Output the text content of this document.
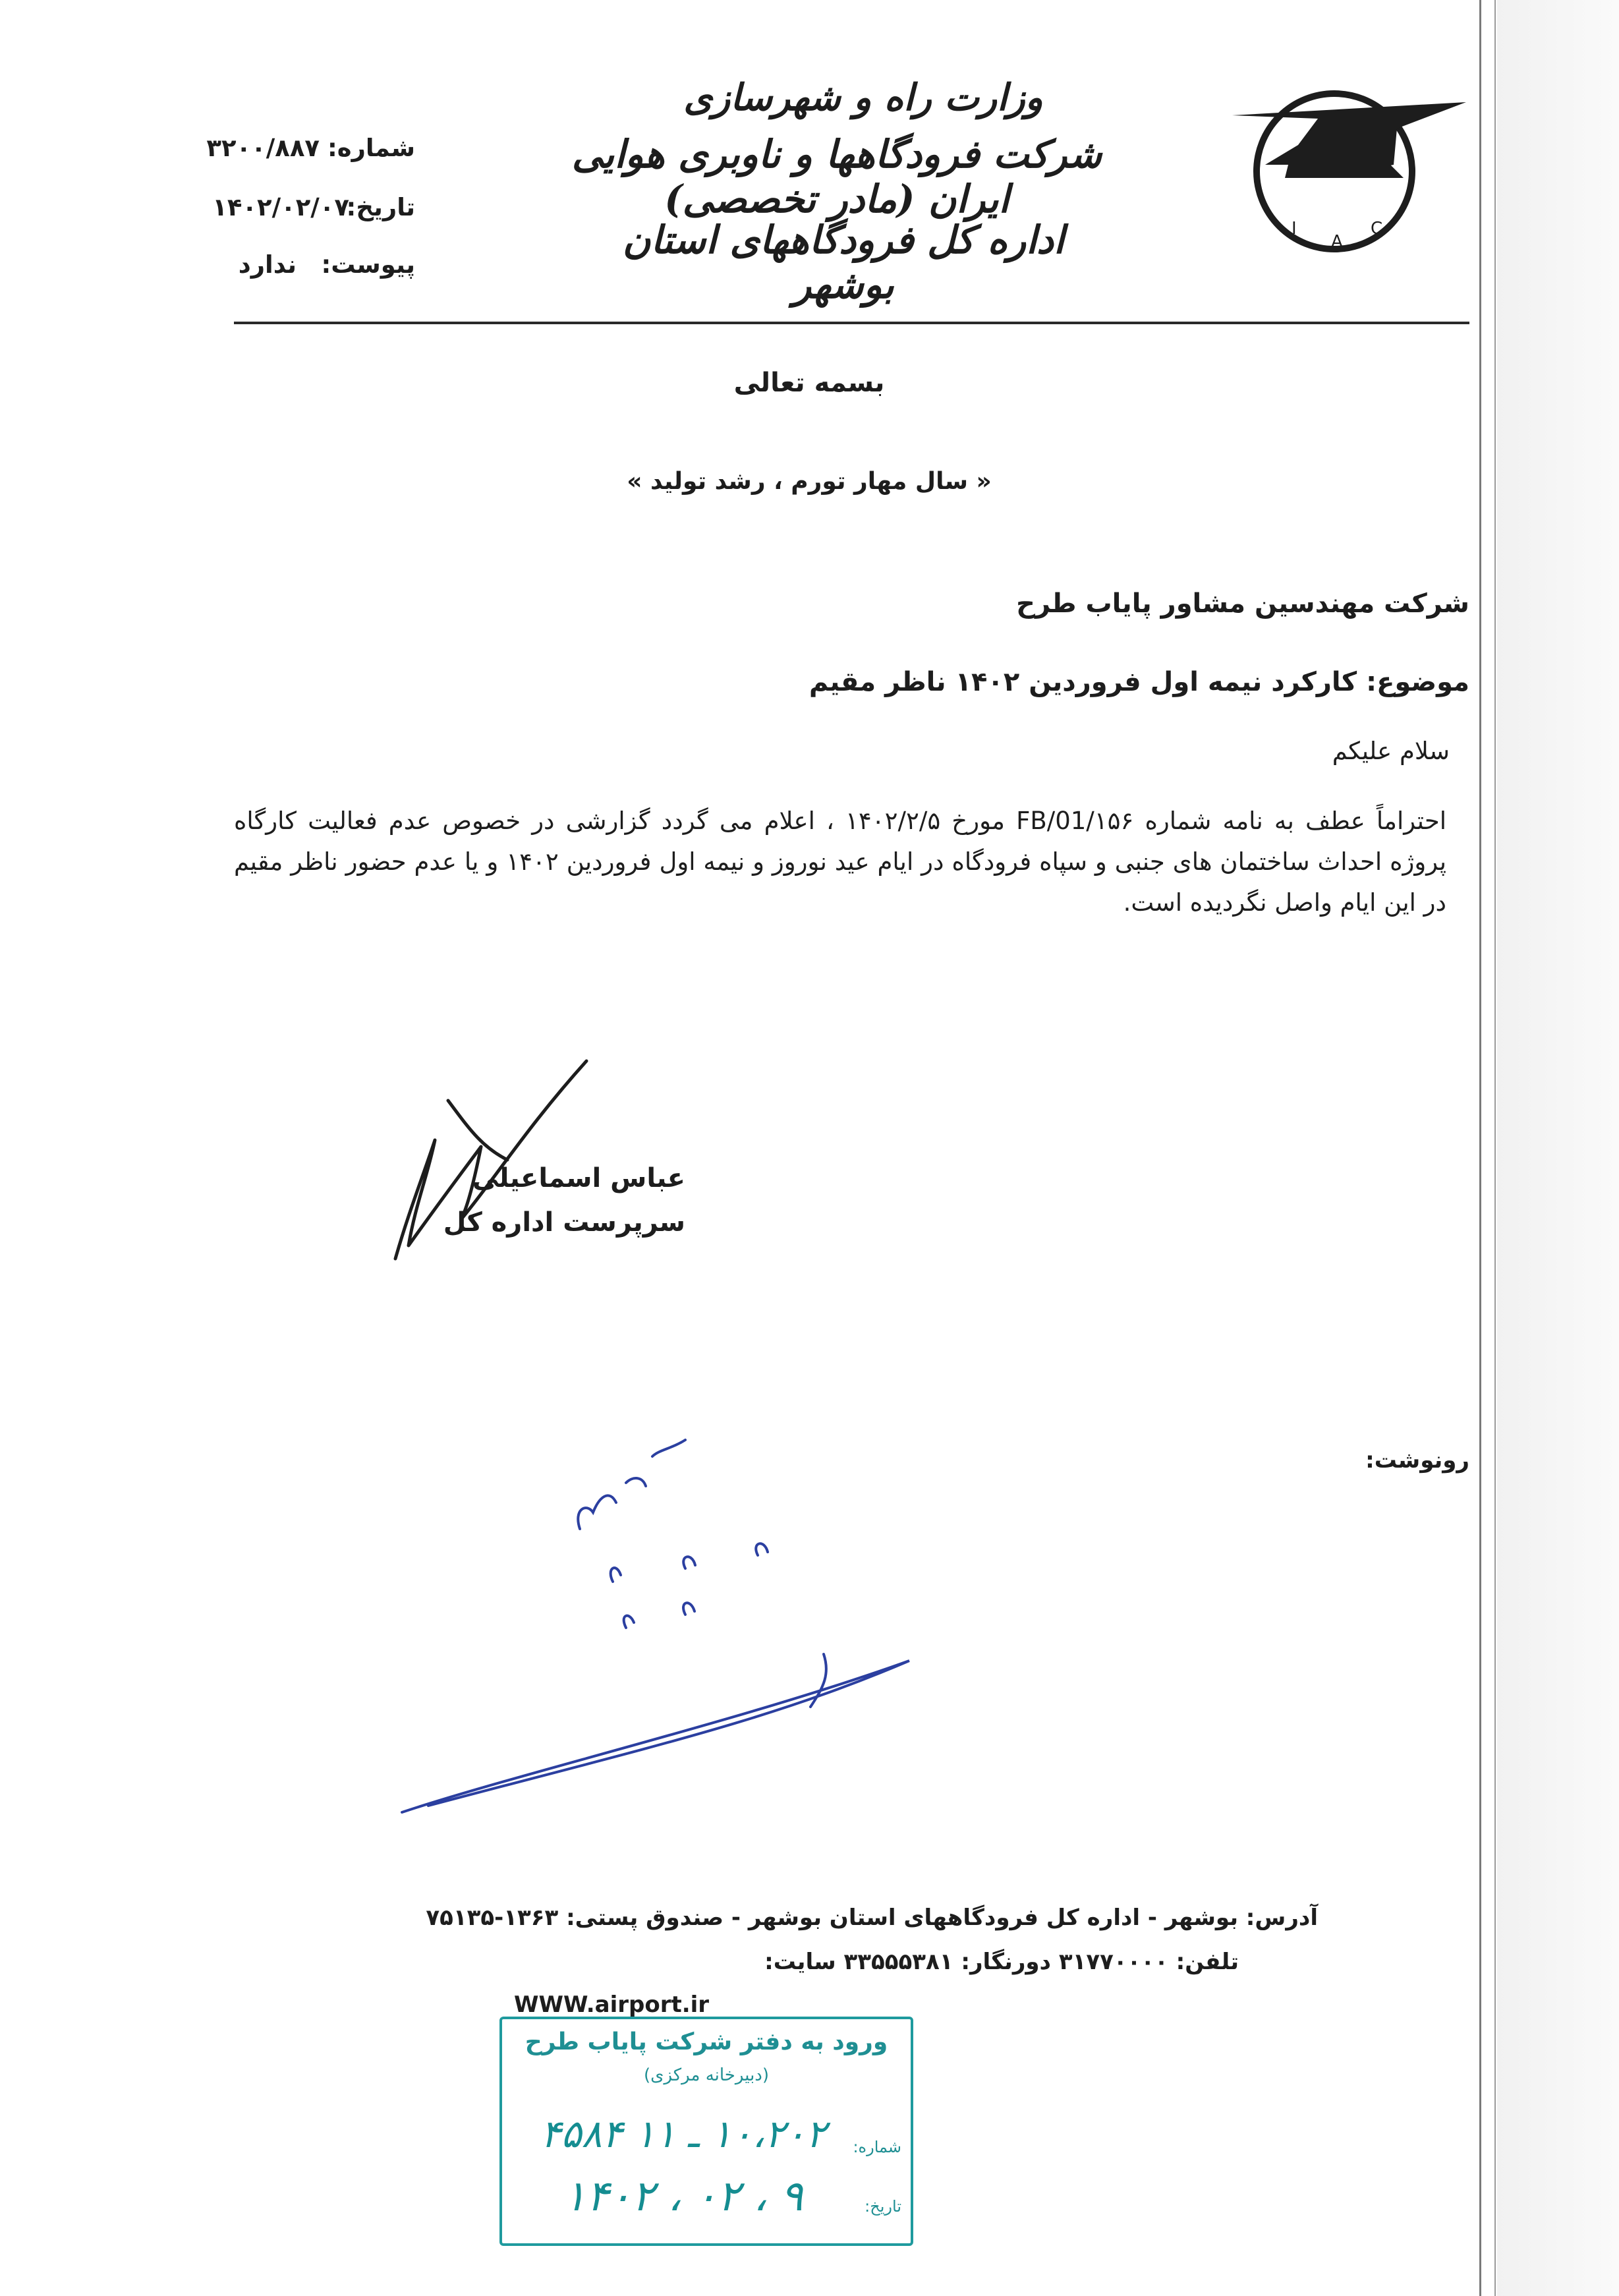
I
A
C
وزارت راه و شهرسازی
شرکت فرودگاهها و ناوبری هوایی ایران (مادر تخصصی)
اداره کل فرودگاههای استان بوشهر
شماره:
۳۲۰۰/۸۸۷
تاریخ:
۱۴۰۲/۰۲/۰۷
پیوست:
ندارد
بسمه تعالی
« سال مهار تورم ، رشد تولید »
شرکت مهندسین مشاور پایاب طرح
موضوع: کارکرد نیمه اول فروردین ۱۴۰۲ ناظر مقیم
سلام علیکم
احتراماً عطف به نامه شماره FB/01/۱۵۶ مورخ ۱۴۰۲/۲/۵ ، اعلام می گردد گزارشی در خصوص عدم فعالیت کارگاه پروژه احداث ساختمان های جنبی و سپاه فرودگاه در ایام عید نوروز و نیمه اول فروردین ۱۴۰۲ و یا عدم حضور ناظر مقیم در این ایام واصل نگردیده است.
عباس اسماعیلی
سرپرست اداره کل
رونوشت:
آدرس: بوشهر - اداره کل فرودگاههای استان بوشهر - صندوق پستی: ۱۳۶۳-۷۵۱۳۵
تلفن: ۳۱۷۷۰۰۰۰ دورنگار: ۳۳۵۵۵۳۸۱ سایت:
WWW.airport.ir
ورود به دفتر شرکت پایاب طرح
(دبیرخانه مرکزی)
شماره:
۱۰،۲۰۲ ـ ۱۱ ۴۵۸۴
تاریخ:
۱۴۰۲ ، ۰۲ ، ۹
